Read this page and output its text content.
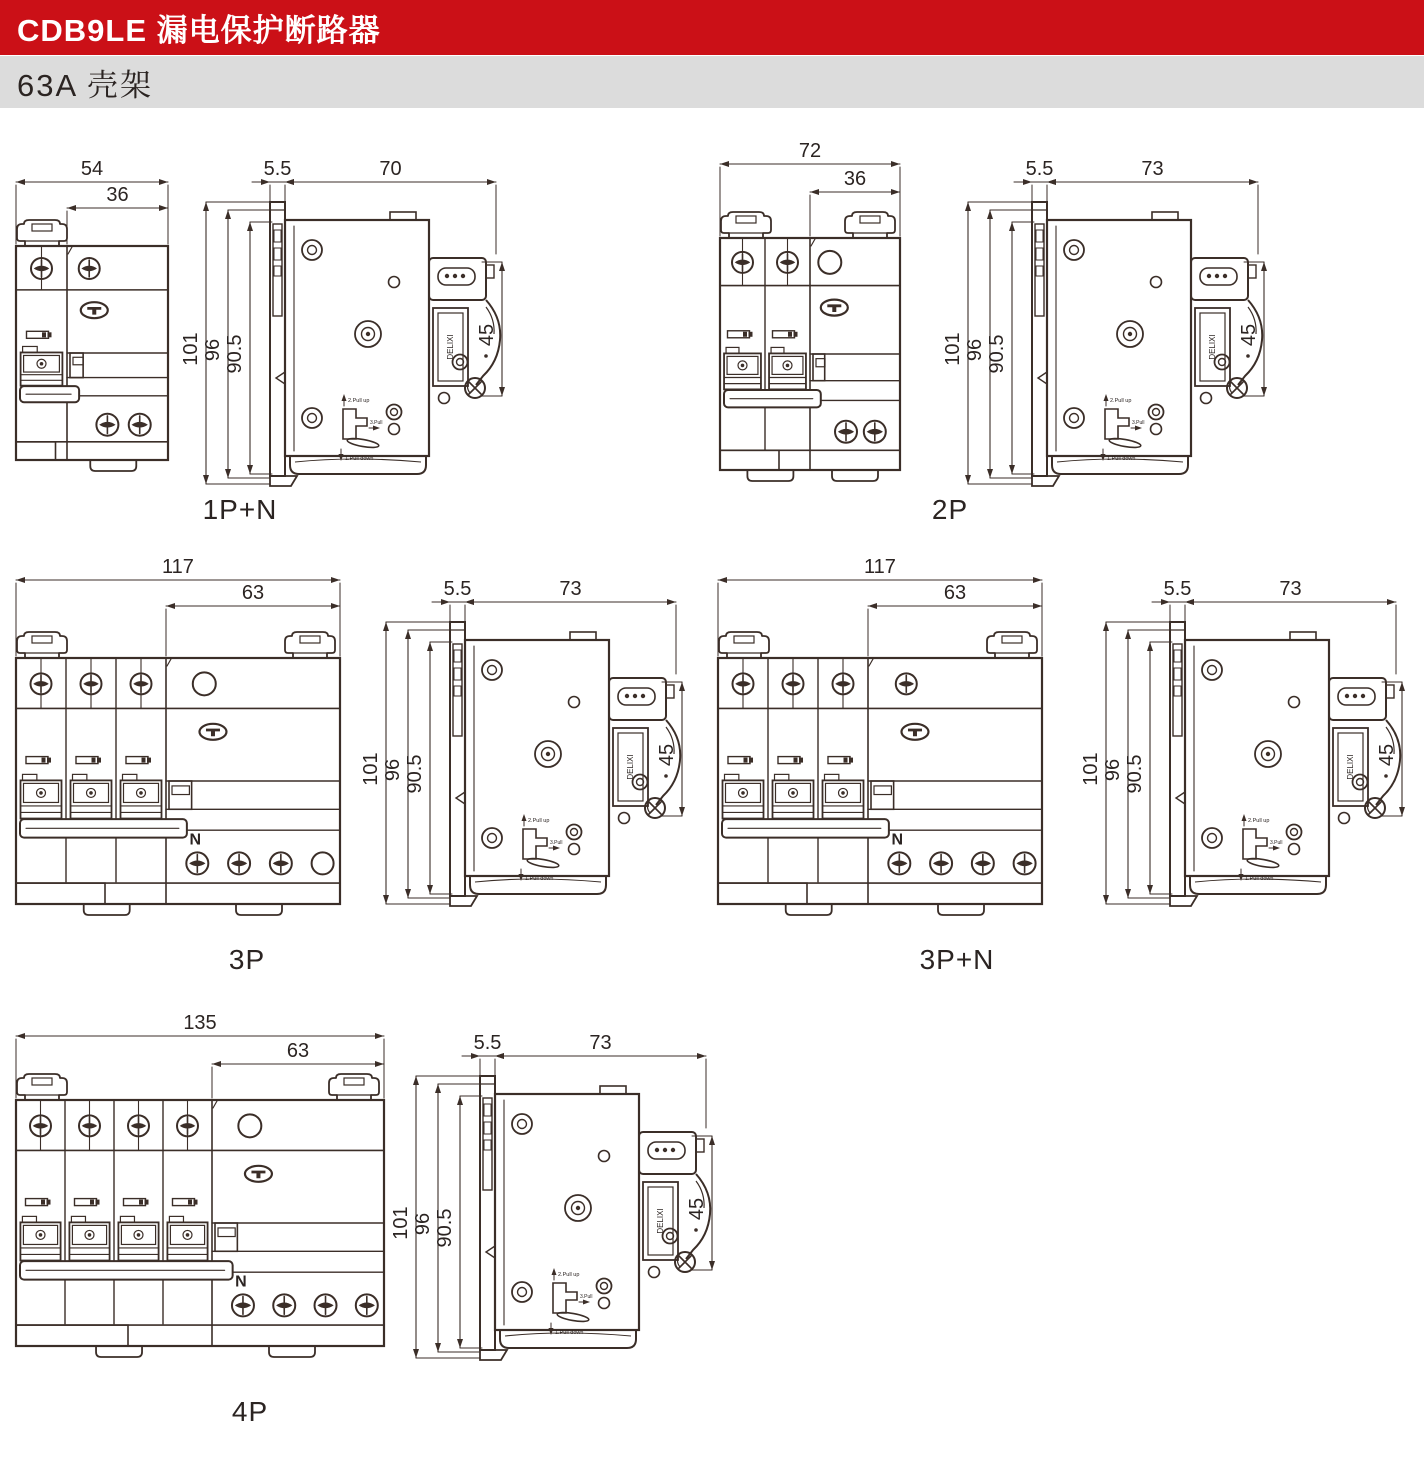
CDB9LE 漏电保护断路器
63A 壳架
54
36
5.5	70
101 96 90.5	45
DELIXI
2.Pull up
3.Pull
1.Pull down
1P+N
72
36	5.5	73
101 96 90.5	45
DELIXI
2.Pull up
3.Pull
1.Pull down
2P
117
63
N
5.5	73
101 96 90.5	45
DELIXI
2.Pull up
3.Pull
1.Pull down
3P
117
63
N
5.5	73
101 96 90.5	45
DELIXI
2.Pull up
3.Pull
1.Pull down
3P+N
135
63
N
5.5	73
101 96 90.5	45
DELIXI
2.Pull up
3.Pull
1.Pull down
4P
